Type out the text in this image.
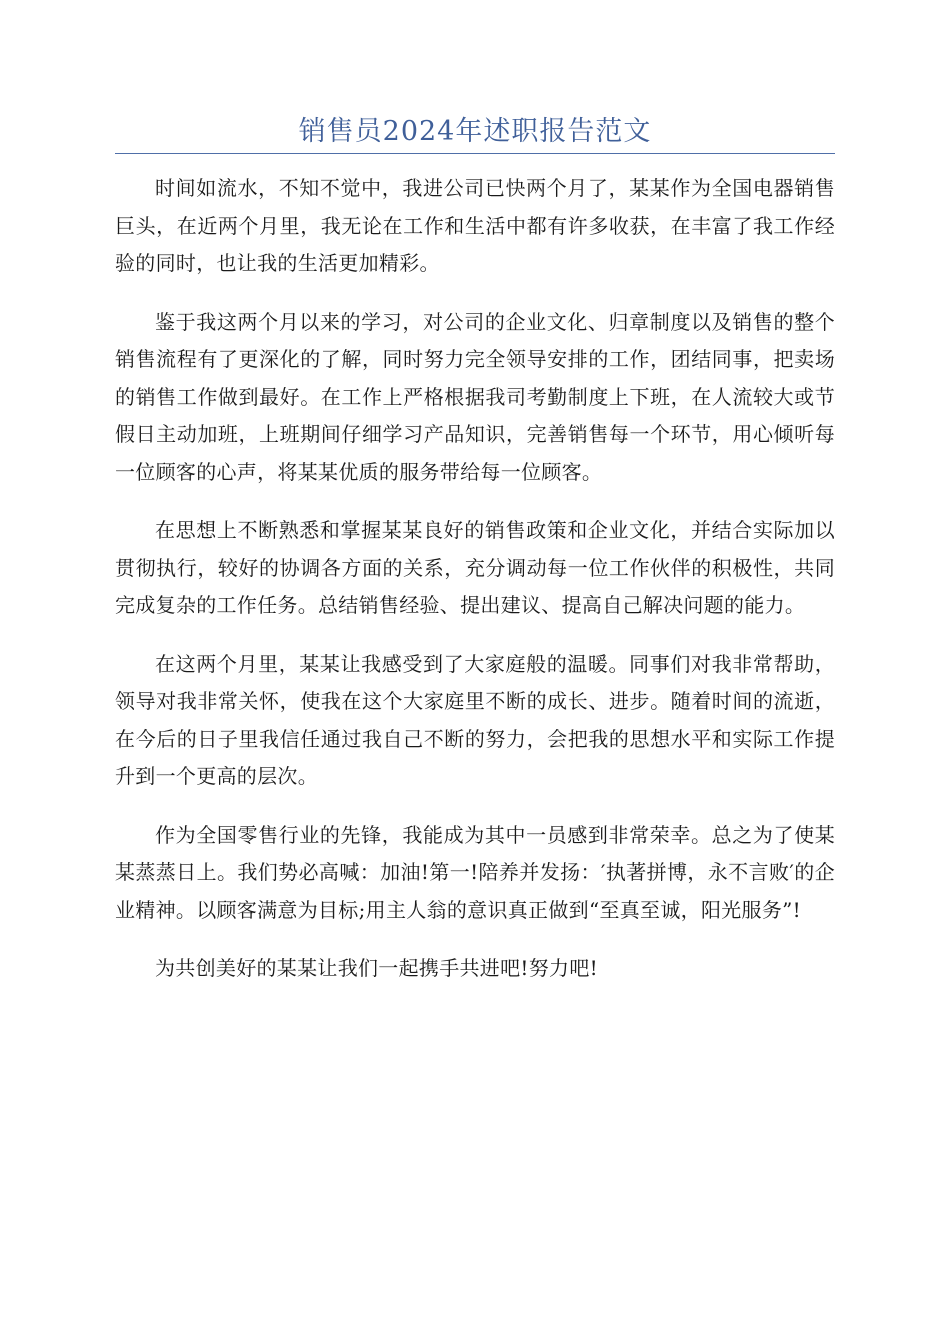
销售员2024年述职报告范文

时间如流水，不知不觉中，我进公司已快两个月了，某某作为全国电器销售巨头，在近两个月里，我无论在工作和生活中都有许多收获，在丰富了我工作经验的同时，也让我的生活更加精彩。

鉴于我这两个月以来的学习，对公司的企业文化、归章制度以及销售的整个销售流程有了更深化的了解，同时努力完全领导安排的工作，团结同事，把卖场的销售工作做到最好。在工作上严格根据我司考勤制度上下班，在人流较大或节假日主动加班，上班期间仔细学习产品知识，完善销售每一个环节，用心倾听每一位顾客的心声，将某某优质的服务带给每一位顾客。

在思想上不断熟悉和掌握某某良好的销售政策和企业文化，并结合实际加以贯彻执行，较好的协调各方面的关系，充分调动每一位工作伙伴的积极性，共同完成复杂的工作任务。总结销售经验、提出建议、提高自己解决问题的能力。

在这两个月里，某某让我感受到了大家庭般的温暖。同事们对我非常帮助，领导对我非常关怀，使我在这个大家庭里不断的成长、进步。随着时间的流逝，在今后的日子里我信任通过我自己不断的努力，会把我的思想水平和实际工作提升到一个更高的层次。

作为全国零售行业的先锋，我能成为其中一员感到非常荣幸。总之为了使某某蒸蒸日上。我们势必高喊：加油!第一!陪养并发扬：′执著拼博，永不言败′的企业精神。以顾客满意为目标;用主人翁的意识真正做到“至真至诚，阳光服务”!

为共创美好的某某让我们一起携手共进吧!努力吧!
